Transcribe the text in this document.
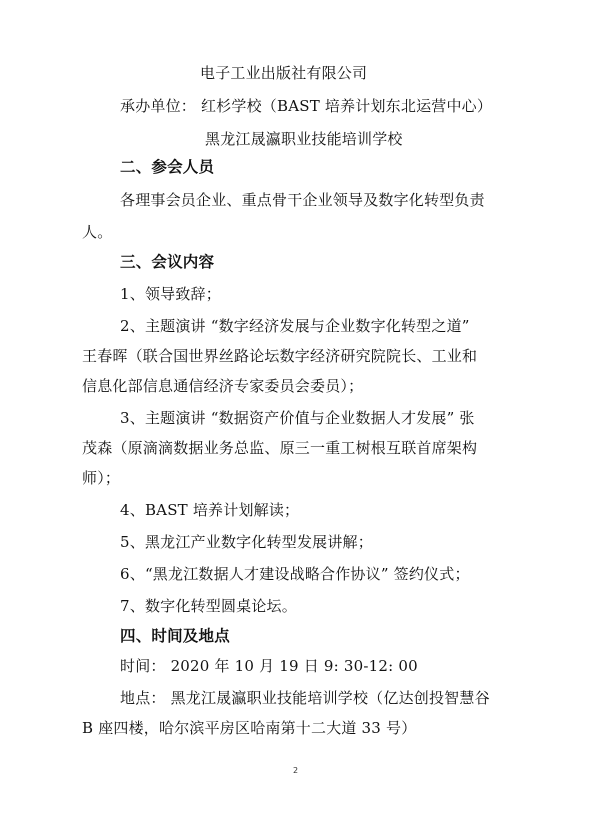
电子工业出版社有限公司
承办单位： 红杉学校（BAST 培养计划东北运营中心）
黑龙江晟瀛职业技能培训学校
二、参会人员
各理事会员企业、重点骨干企业领导及数字化转型负责
人。
三、会议内容
1、领导致辞；
2、主题演讲 “数字经济发展与企业数字化转型之道”
王春晖（联合国世界丝路论坛数字经济研究院院长、工业和
信息化部信息通信经济专家委员会委员）；
3、主题演讲 “数据资产价值与企业数据人才发展” 张
茂森（原滴滴数据业务总监、原三一重工树根互联首席架构
师）；
4、BAST 培养计划解读；
5、黑龙江产业数字化转型发展讲解；
6、“黑龙江数据人才建设战略合作协议” 签约仪式；
7、数字化转型圆桌论坛。
四、时间及地点
时间： 2020 年 10 月 19 日 9: 30-12: 00
地点： 黑龙江晟瀛职业技能培训学校（亿达创投智慧谷
B 座四楼，哈尔滨平房区哈南第十二大道 33 号）
2
